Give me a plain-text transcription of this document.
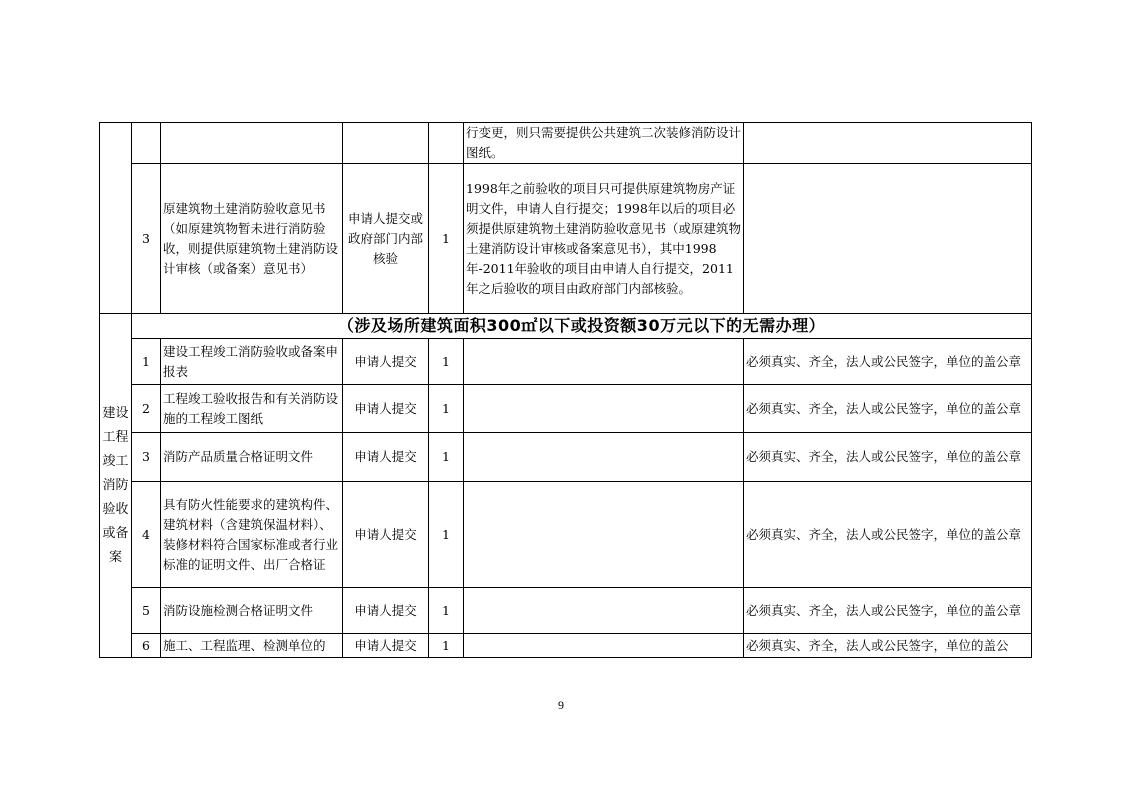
					行变更，则只需要提供公共建筑二次装修消防设计图纸。	
	3	原建筑物土建消防验收意见书（如原建筑物暂未进行消防验收，则提供原建筑物土建消防设计审核（或备案）意见书）	申请人提交或政府部门内部核验	1	1998年之前验收的项目只可提供原建筑物房产证明文件，申请人自行提交；1998年以后的项目必须提供原建筑物土建消防验收意见书（或原建筑物土建消防设计审核或备案意见书），其中1998年-2011年验收的项目由申请人自行提交，2011年之后验收的项目由政府部门内部核验。	

建设工程竣工消防验收或备案	（涉及场所建筑面积300㎡以下或投资额30万元以下的无需办理）					
	1	建设工程竣工消防验收或备案申报表	申请人提交	1		必须真实、齐全，法人或公民签字，单位的盖公章
	2	工程竣工验收报告和有关消防设施的工程竣工图纸	申请人提交	1		必须真实、齐全，法人或公民签字，单位的盖公章
	3	消防产品质量合格证明文件	申请人提交	1		必须真实、齐全，法人或公民签字，单位的盖公章
	4	具有防火性能要求的建筑构件、建筑材料（含建筑保温材料）、装修材料符合国家标准或者行业标准的证明文件、出厂合格证	申请人提交	1		必须真实、齐全，法人或公民签字，单位的盖公章
	5	消防设施检测合格证明文件	申请人提交	1		必须真实、齐全，法人或公民签字，单位的盖公章
	6	施工、工程监理、检测单位的	申请人提交	1		必须真实、齐全，法人或公民签字，单位的盖公
9
